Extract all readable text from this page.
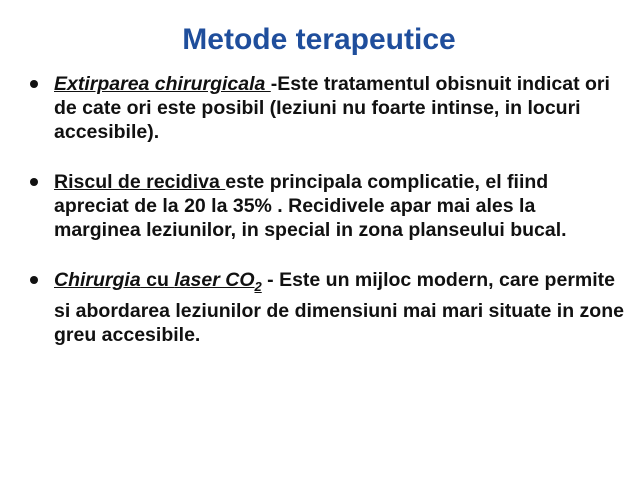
Metode terapeutice
Extirparea chirurgicala -Este tratamentul obisnuit indicat ori de cate ori este posibil (Ieziuni nu foarte intinse, in locuri accesibile).
Riscul de recidiva este principala complicatie, el fiind apreciat de la 20 la 35% . Recidivele apar mai ales la marginea leziunilor, in special in zona planseului bucal.
Chirurgia cu laser $CO_2$ - Este un mijloc modern, care permite si abordarea leziunilor de dimensiuni mai mari situate in zone greu accesibile.
